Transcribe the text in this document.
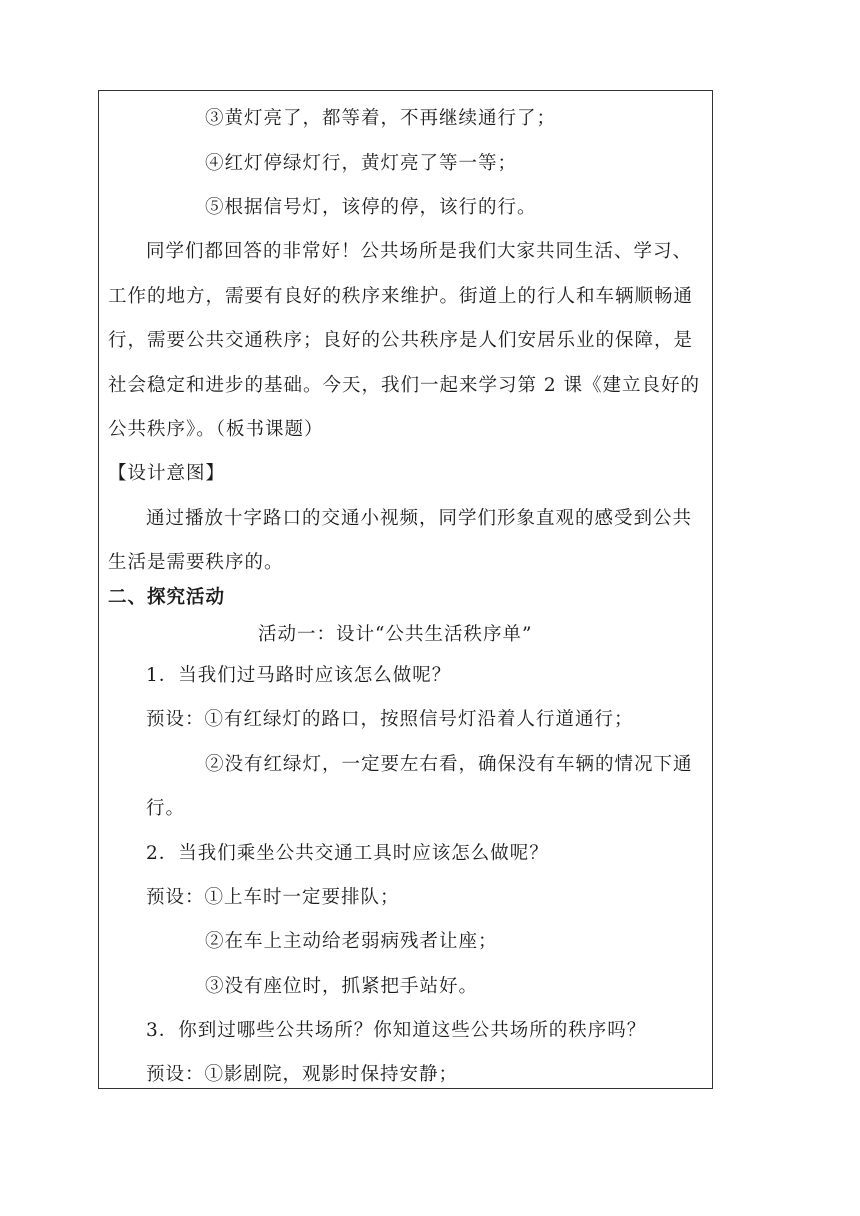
③黄灯亮了，都等着，不再继续通行了；
④红灯停绿灯行，黄灯亮了等一等；
⑤根据信号灯，该停的停，该行的行。
同学们都回答的非常好！公共场所是我们大家共同生活、学习、
工作的地方，需要有良好的秩序来维护。街道上的行人和车辆顺畅通
行，需要公共交通秩序；良好的公共秩序是人们安居乐业的保障，是
社会稳定和进步的基础。今天，我们一起来学习第 2 课《建立良好的
公共秩序》。（板书课题）
【设计意图】
通过播放十字路口的交通小视频，同学们形象直观的感受到公共
生活是需要秩序的。
二、探究活动
活动一：设计“公共生活秩序单”
1．当我们过马路时应该怎么做呢？
预设：①有红绿灯的路口，按照信号灯沿着人行道通行；
②没有红绿灯，一定要左右看，确保没有车辆的情况下通
行。
2．当我们乘坐公共交通工具时应该怎么做呢？
预设：①上车时一定要排队；
②在车上主动给老弱病残者让座；
③没有座位时，抓紧把手站好。
3．你到过哪些公共场所？你知道这些公共场所的秩序吗？
预设：①影剧院，观影时保持安静；
